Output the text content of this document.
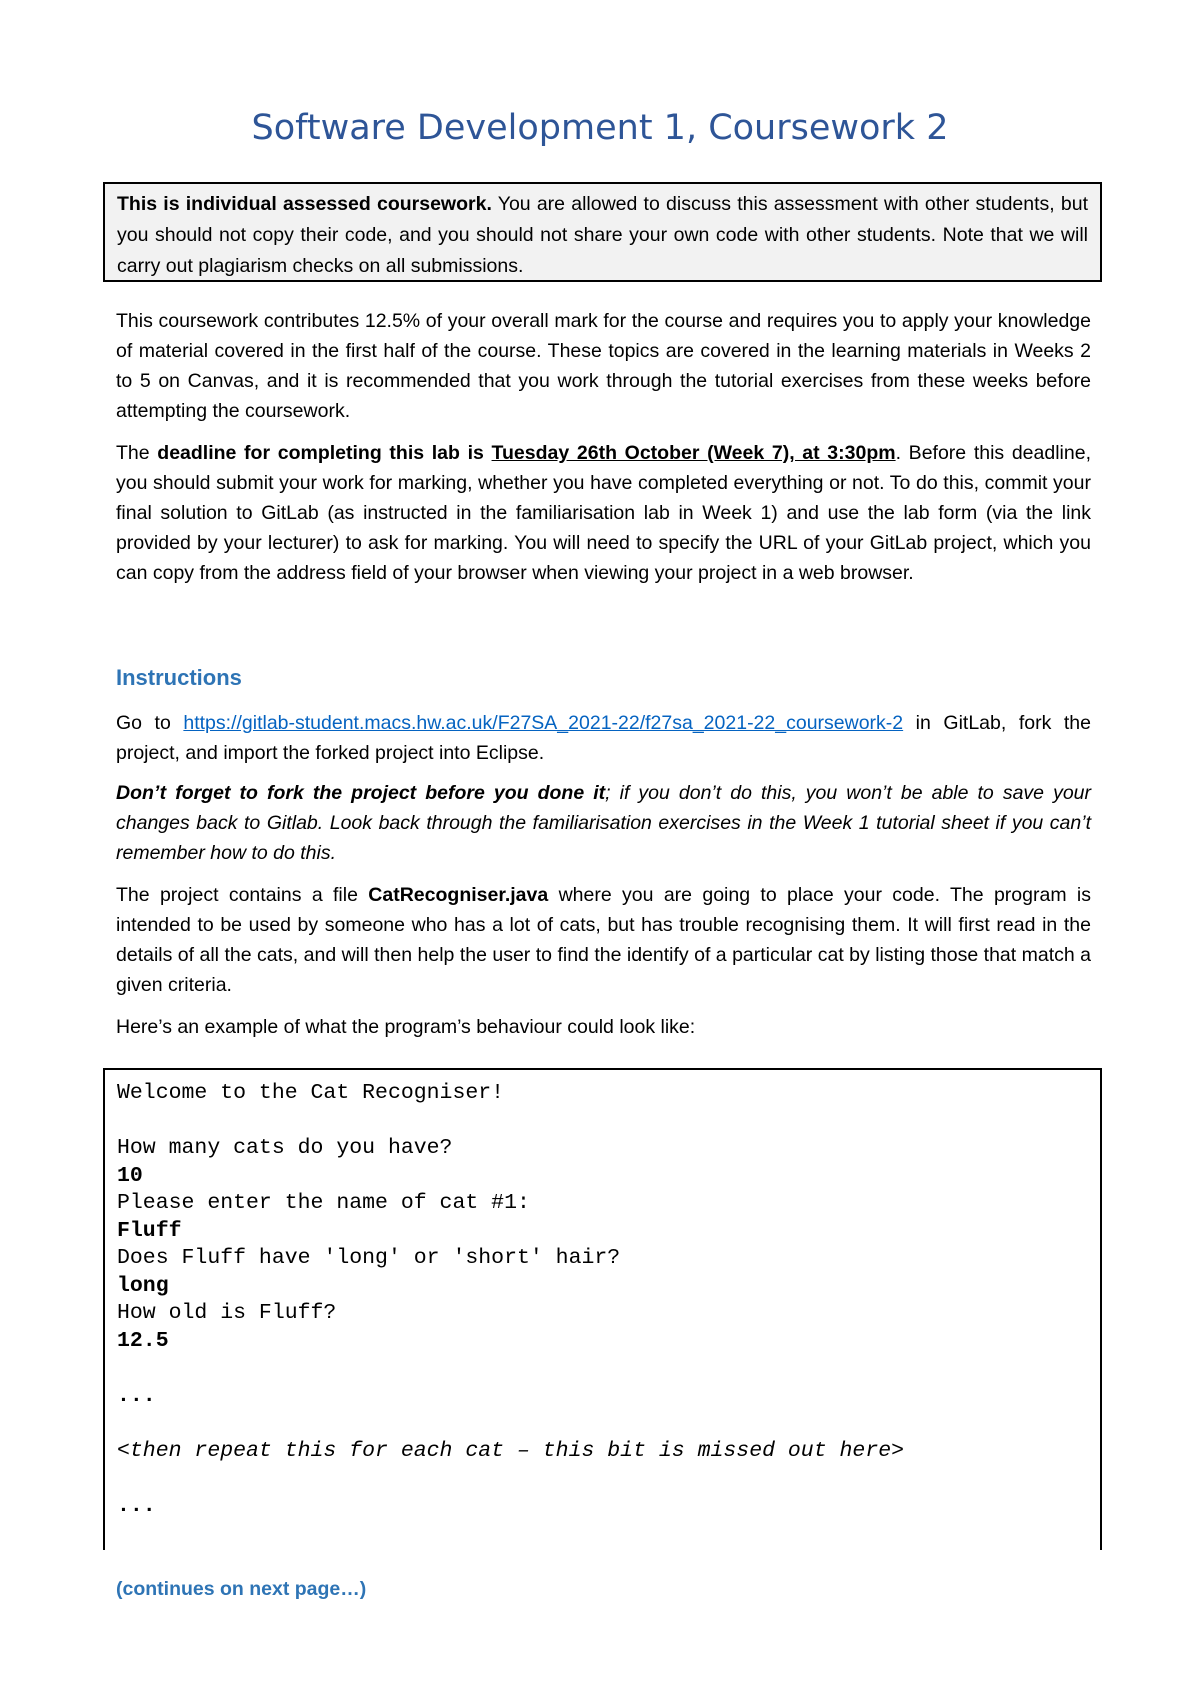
Software Development 1, Coursework 2
This is individual assessed coursework. You are allowed to discuss this assessment with other students, but you should not copy their code, and you should not share your own code with other students. Note that we will carry out plagiarism checks on all submissions.
This coursework contributes 12.5% of your overall mark for the course and requires you to apply your knowledge of material covered in the first half of the course. These topics are covered in the learning materials in Weeks 2 to 5 on Canvas, and it is recommended that you work through the tutorial exercises from these weeks before attempting the coursework.
The deadline for completing this lab is Tuesday 26th October (Week 7), at 3:30pm. Before this deadline, you should submit your work for marking, whether you have completed everything or not. To do this, commit your final solution to GitLab (as instructed in the familiarisation lab in Week 1) and use the lab form (via the link provided by your lecturer) to ask for marking. You will need to specify the URL of your GitLab project, which you can copy from the address field of your browser when viewing your project in a web browser.
Instructions
Go to https://gitlab-student.macs.hw.ac.uk/F27SA_2021-22/f27sa_2021-22_coursework-2 in GitLab, fork the project, and import the forked project into Eclipse.
Don’t forget to fork the project before you done it; if you don’t do this, you won’t be able to save your changes back to Gitlab. Look back through the familiarisation exercises in the Week 1 tutorial sheet if you can’t remember how to do this.
The project contains a file CatRecogniser.java where you are going to place your code. The program is intended to be used by someone who has a lot of cats, but has trouble recognising them. It will first read in the details of all the cats, and will then help the user to find the identify of a particular cat by listing those that match a given criteria.
Here’s an example of what the program’s behaviour could look like:
Welcome to the Cat Recogniser!
How many cats do you have?
10
Please enter the name of cat #1:
Fluff
Does Fluff have 'long' or 'short' hair?
long
How old is Fluff?
12.5
...
<then repeat this for each cat – this bit is missed out here>
...
(continues on next page…)
